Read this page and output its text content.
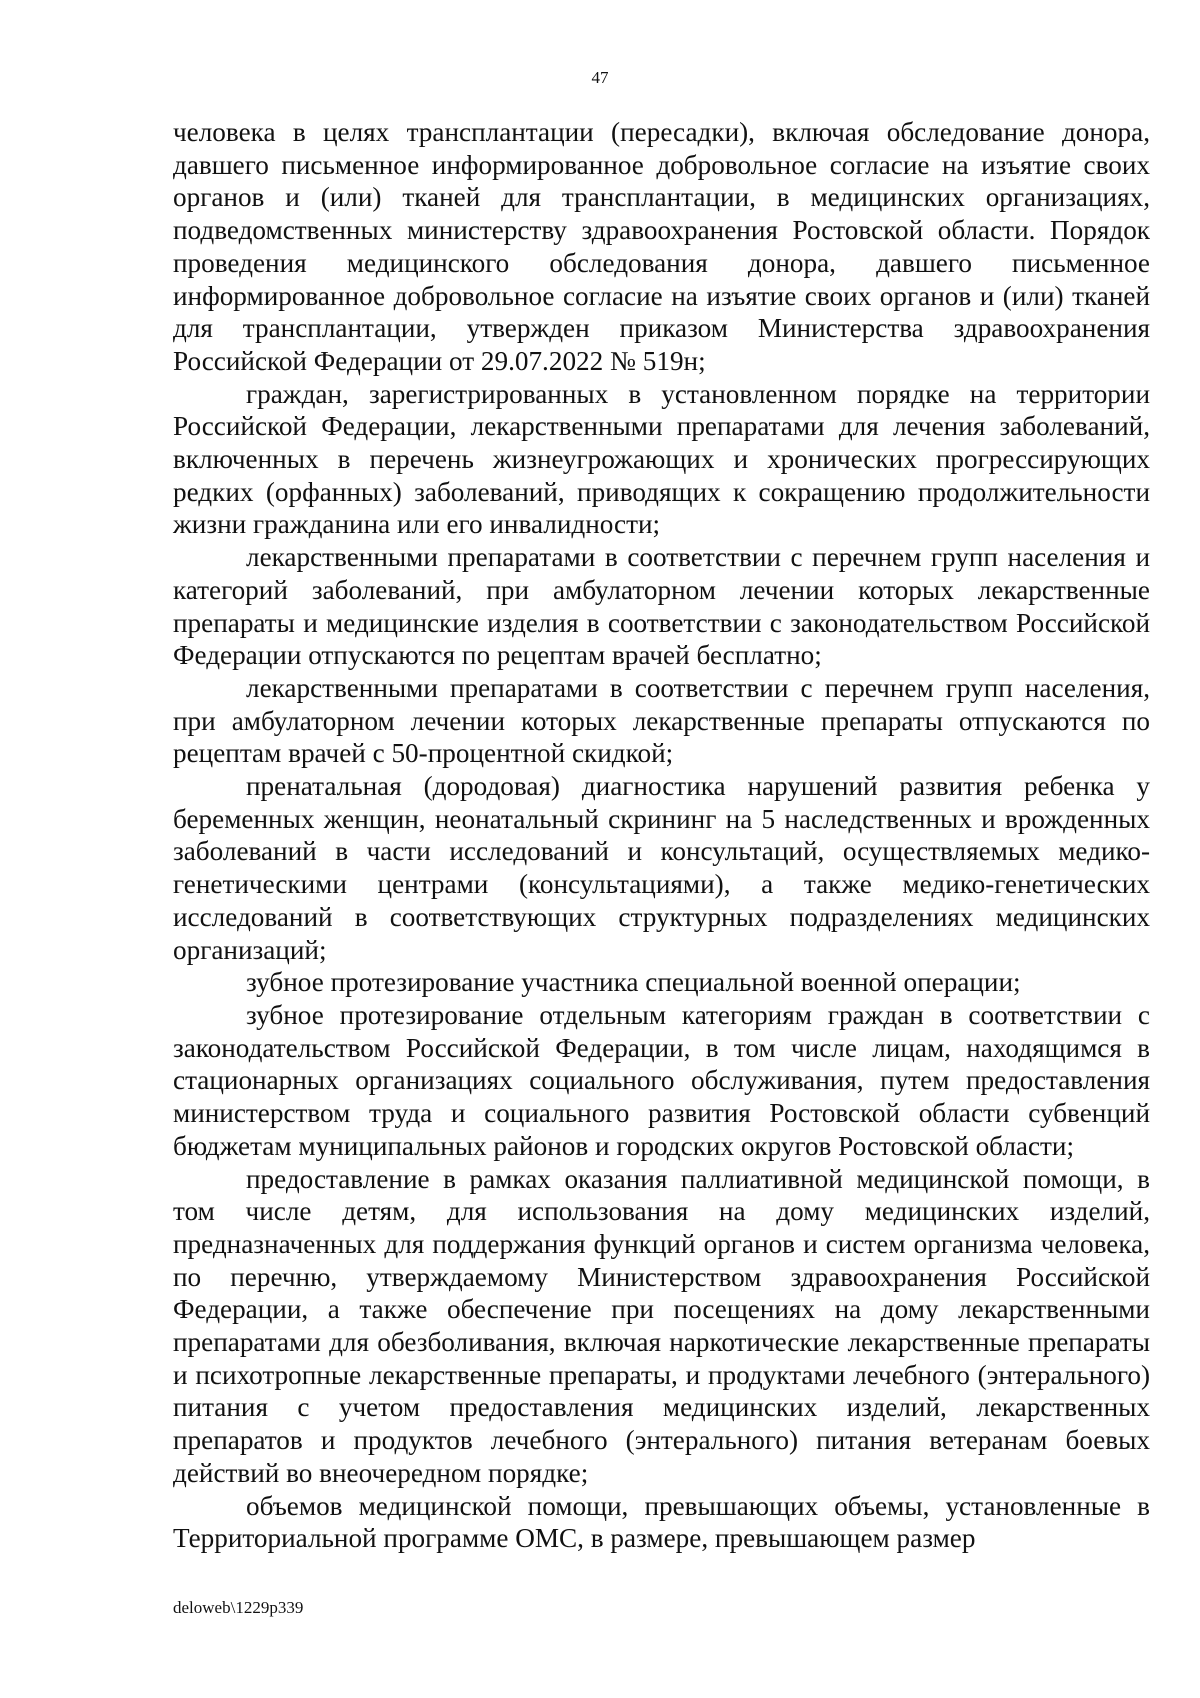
47

человека в целях трансплантации (пересадки), включая обследование донора, давшего письменное информированное добровольное согласие на изъятие своих органов и (или) тканей для трансплантации, в медицинских организациях, подведомственных министерству здравоохранения Ростовской области. Порядок проведения медицинского обследования донора, давшего письменное информированное добровольное согласие на изъятие своих органов и (или) тканей для трансплантации, утвержден приказом Министерства здравоохранения Российской Федерации от 29.07.2022 № 519н;

граждан, зарегистрированных в установленном порядке на территории Российской Федерации, лекарственными препаратами для лечения заболеваний, включенных в перечень жизнеугрожающих и хронических прогрессирующих редких (орфанных) заболеваний, приводящих к сокращению продолжительности жизни гражданина или его инвалидности;

лекарственными препаратами в соответствии с перечнем групп населения и категорий заболеваний, при амбулаторном лечении которых лекарственные препараты и медицинские изделия в соответствии с законодательством Российской Федерации отпускаются по рецептам врачей бесплатно;

лекарственными препаратами в соответствии с перечнем групп населения, при амбулаторном лечении которых лекарственные препараты отпускаются по рецептам врачей с 50-процентной скидкой;

пренатальная (дородовая) диагностика нарушений развития ребенка у беременных женщин, неонатальный скрининг на 5 наследственных и врожденных заболеваний в части исследований и консультаций, осуществляемых медико-генетическими центрами (консультациями), а также медико-генетических исследований в соответствующих структурных подразделениях медицинских организаций;

зубное протезирование участника специальной военной операции;

зубное протезирование отдельным категориям граждан в соответствии с законодательством Российской Федерации, в том числе лицам, находящимся в стационарных организациях социального обслуживания, путем предоставления министерством труда и социального развития Ростовской области субвенций бюджетам муниципальных районов и городских округов Ростовской области;

предоставление в рамках оказания паллиативной медицинской помощи, в том числе детям, для использования на дому медицинских изделий, предназначенных для поддержания функций органов и систем организма человека, по перечню, утверждаемому Министерством здравоохранения Российской Федерации, а также обеспечение при посещениях на дому лекарственными препаратами для обезболивания, включая наркотические лекарственные препараты и психотропные лекарственные препараты, и продуктами лечебного (энтерального) питания с учетом предоставления медицинских изделий, лекарственных препаратов и продуктов лечебного (энтерального) питания ветеранам боевых действий во внеочередном порядке;

объемов медицинской помощи, превышающих объемы, установленные в Территориальной программе ОМС, в размере, превышающем размер

deloweb\1229p339
